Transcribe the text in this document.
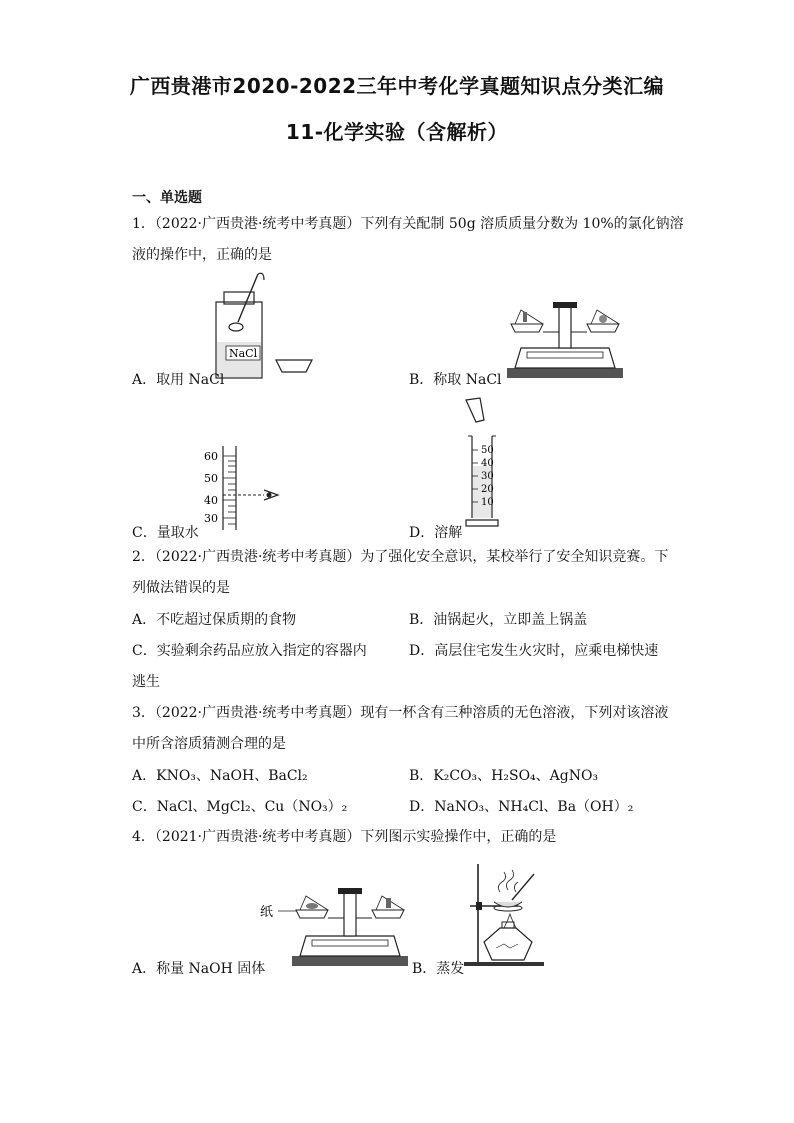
广西贵港市2020-2022三年中考化学真题知识点分类汇编
11-化学实验（含解析）
一、单选题
1．（2022·广西贵港·统考中考真题）下列有关配制 50g 溶质质量分数为 10%的氯化钠溶
液的操作中，正确的是
NaCl
A．取用 NaCl	B．称取 NaCl
60
50
40
30
C．量取水
50
40
30
20
10
D．溶解
2．（2022·广西贵港·统考中考真题）为了强化安全意识，某校举行了安全知识竞赛。下
列做法错误的是
A．不吃超过保质期的食物	B．油锅起火，立即盖上锅盖
C．实验剩余药品应放入指定的容器内	D．高层住宅发生火灾时，应乘电梯快速
逃生
3．（2022·广西贵港·统考中考真题）现有一杯含有三种溶质的无色溶液，下列对该溶液
中所含溶质猜测合理的是
A．KNO₃、NaOH、BaCl₂	B．K₂CO₃、H₂SO₄、AgNO₃
C．NaCl、MgCl₂、Cu（NO₃）₂	D．NaNO₃、NH₄Cl、Ba（OH）₂
4．（2021·广西贵港·统考中考真题）下列图示实验操作中，正确的是
纸
A．称量 NaOH 固体	B．蒸发
